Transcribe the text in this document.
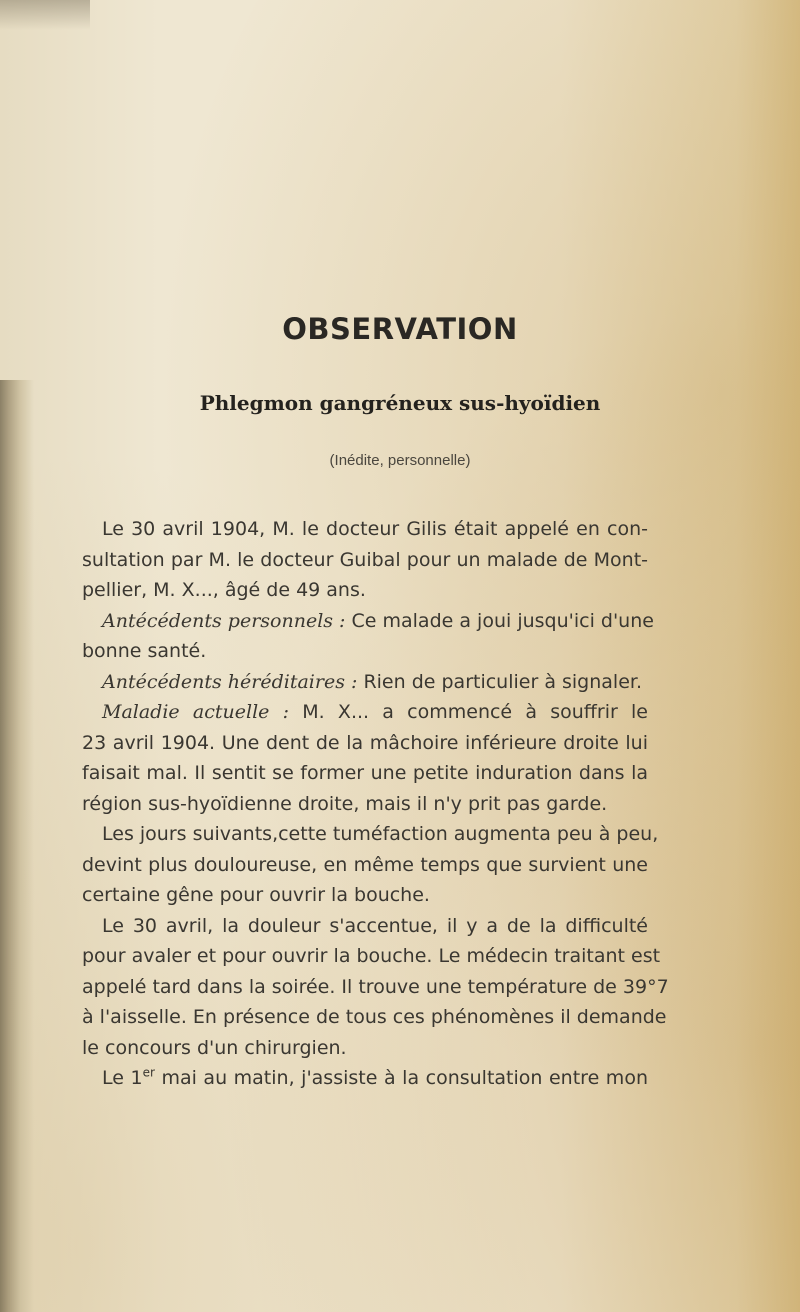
OBSERVATION
Phlegmon gangréneux sus-hyoïdien
(Inédite, personnelle)

Le 30 avril 1904, M. le docteur Gilis était appelé en con-
sultation par M. le docteur Guibal pour un malade de Mont-
pellier, M. X..., âgé de 49 ans.

Antécédents personnels : Ce malade a joui jusqu'ici d'une
bonne santé.

Antécédents héréditaires : Rien de particulier à signaler.

Maladie actuelle : M. X... a commencé à souffrir le
23 avril 1904. Une dent de la mâchoire inférieure droite lui
faisait mal. Il sentit se former une petite induration dans la
région sus-hyoïdienne droite, mais il n'y prit pas garde.

Les jours suivants,cette tuméfaction augmenta peu à peu,
devint plus douloureuse, en même temps que survient une
certaine gêne pour ouvrir la bouche.

Le 30 avril, la douleur s'accentue, il y a de la difficulté
pour avaler et pour ouvrir la bouche. Le médecin traitant est
appelé tard dans la soirée. Il trouve une température de 39°7
à l'aisselle. En présence de tous ces phénomènes il demande
le concours d'un chirurgien.

Le 1er mai au matin, j'assiste à la consultation entre mon
